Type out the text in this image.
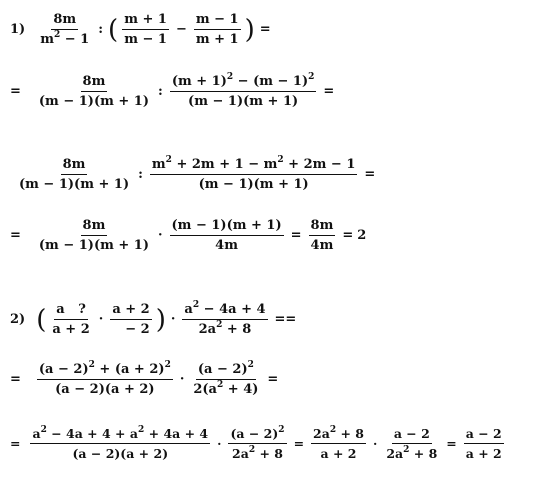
$1) \frac{8m}{m^2 - 1}$ : ( $\frac{m + 1}{m - 1} - \frac{m - 1}{m + 1}$ ) =
= $\frac{8m}{(m - 1)(m + 1)}$ : $\frac{(m + 1)^2 - (m - 1)^2}{(m - 1)(m + 1)}$ =
$\frac{8m}{(m - 1)(m + 1)}$ : $\frac{m^2 + 2m + 1 - m^2 + 2m - 1}{(m - 1)(m + 1)}$ =
= $\frac{8m}{(m - 1)(m + 1)} \cdot \frac{(m - 1)(m + 1)}{4m} = \frac{8m}{4m} = 2$
2) ( $\frac{a ?}{a + 2} \cdot \frac{a + 2}{- 2}$ ) · $\frac{a^2 - 4a + 4}{2a^2 + 8}$ ==
= $\frac{(a - 2)^2 + (a + 2)^2}{(a - 2)(a + 2)} \cdot \frac{(a - 2)^2}{2(a^2 + 4)}$ =
= $\frac{a^2 - 4a + 4 + a^2 + 4a + 4}{(a - 2)(a + 2)} \cdot \frac{(a - 2)^2}{2a^2 + 8} = \frac{2a^2 + 8}{a + 2} \cdot \frac{a - 2}{2a^2 + 8} = \frac{a - 2}{a + 2}$
